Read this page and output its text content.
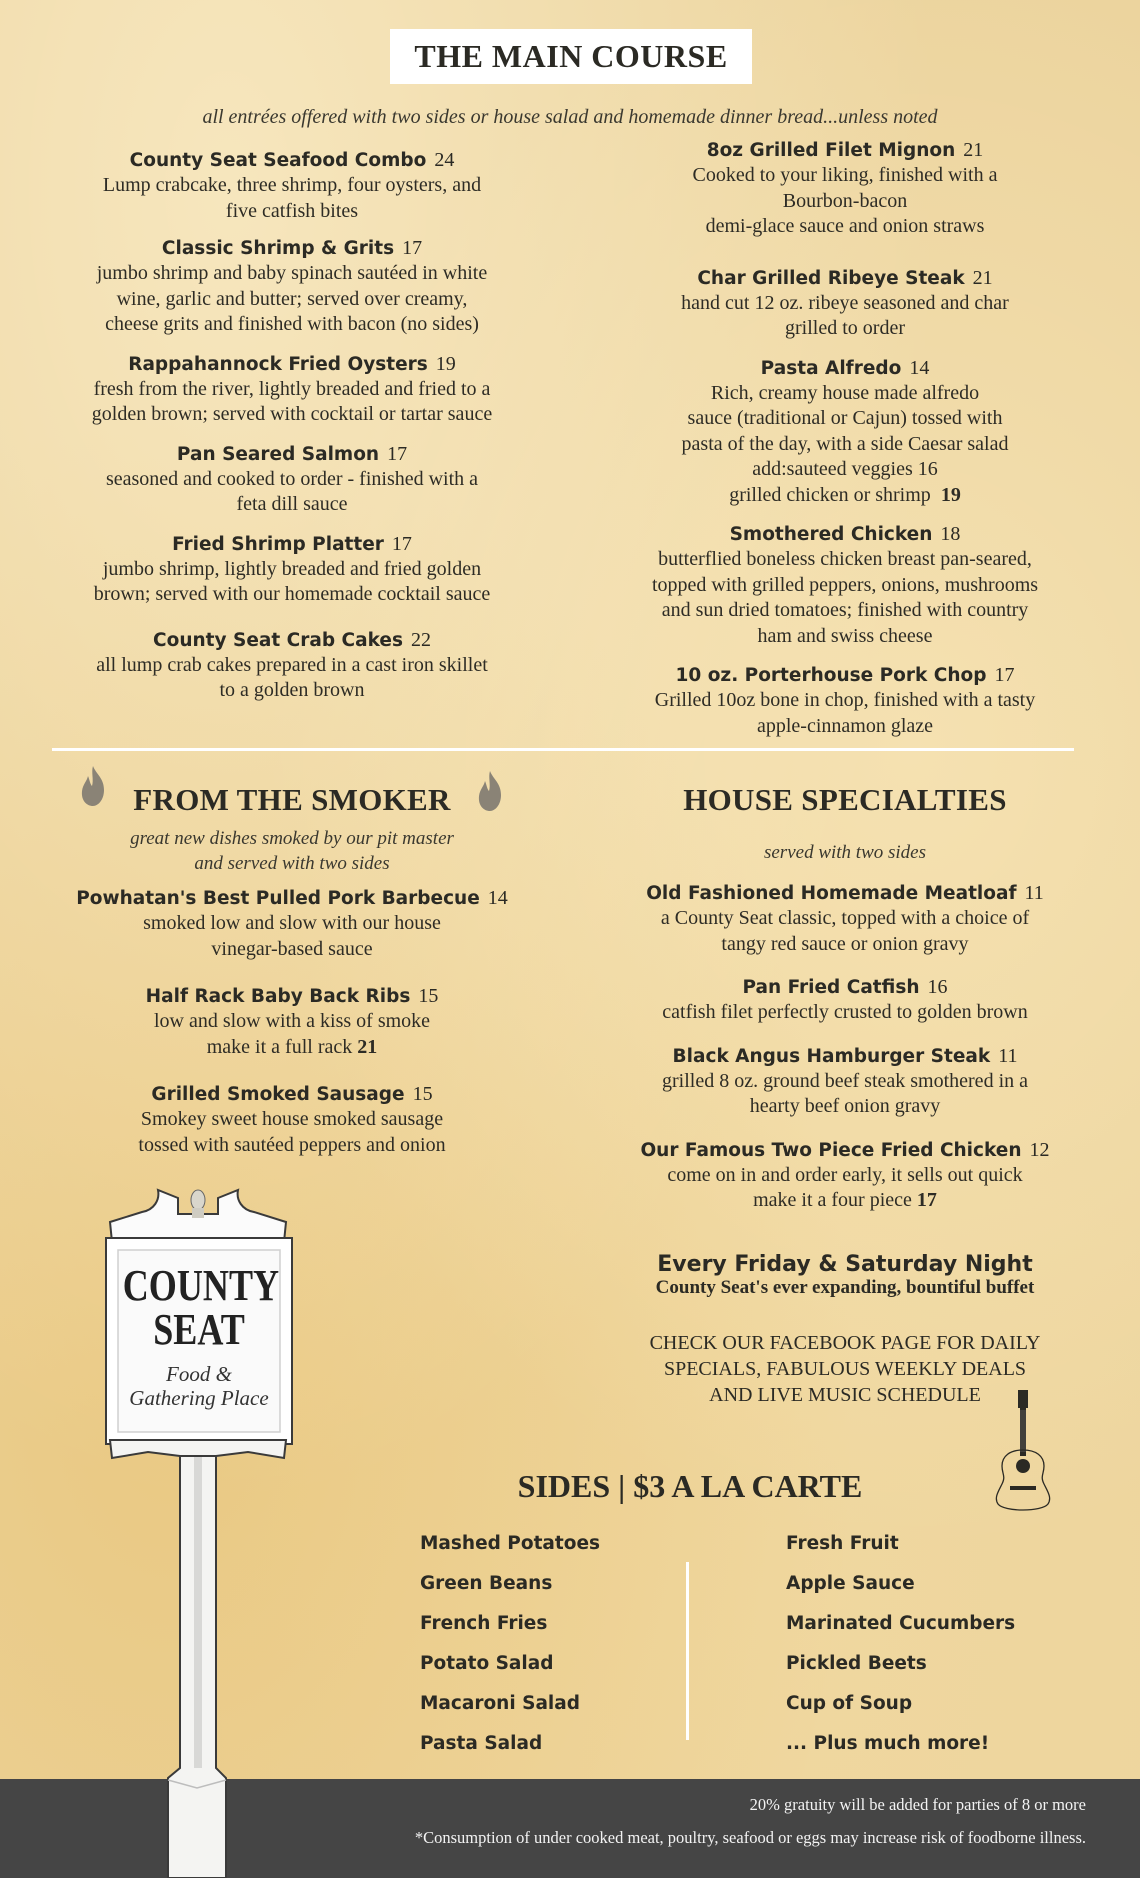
THE MAIN COURSE
all entrées offered with two sides or house salad and homemade dinner bread...unless noted
County Seat Seafood Combo 24
Lump crabcake, three shrimp, four oysters, and
five catfish bites
Classic Shrimp & Grits 17
jumbo shrimp and baby spinach sautéed in white
wine, garlic and butter; served over creamy,
cheese grits and finished with bacon (no sides)
Rappahannock Fried Oysters 19
fresh from the river, lightly breaded and fried to a
golden brown; served with cocktail or tartar sauce
Pan Seared Salmon 17
seasoned and cooked to order - finished with a
feta dill sauce
Fried Shrimp Platter 17
jumbo shrimp, lightly breaded and fried golden
brown; served with our homemade cocktail sauce
County Seat Crab Cakes 22
all lump crab cakes prepared in a cast iron skillet
to a golden brown
8oz Grilled Filet Mignon 21
Cooked to your liking, finished with a
Bourbon-bacon
demi-glace sauce and onion straws
Char Grilled Ribeye Steak 21
hand cut 12 oz. ribeye seasoned and char
grilled to order
Pasta Alfredo 14
Rich, creamy house made alfredo
sauce (traditional or Cajun) tossed with
pasta of the day, with a side Caesar salad
add:sauteed veggies 16
grilled chicken or shrimp 19
Smothered Chicken 18
butterflied boneless chicken breast pan-seared,
topped with grilled peppers, onions, mushrooms
and sun dried tomatoes; finished with country
ham and swiss cheese
10 oz. Porterhouse Pork Chop 17
Grilled 10oz bone in chop, finished with a tasty
apple-cinnamon glaze
FROM THE SMOKER
great new dishes smoked by our pit master
and served with two sides
Powhatan's Best Pulled Pork Barbecue 14
smoked low and slow with our house
vinegar-based sauce
Half Rack Baby Back Ribs 15
low and slow with a kiss of smoke
make it a full rack 21
Grilled Smoked Sausage 15
Smokey sweet house smoked sausage
tossed with sautéed peppers and onion
HOUSE SPECIALTIES
served with two sides
Old Fashioned Homemade Meatloaf 11
a County Seat classic, topped with a choice of
tangy red sauce or onion gravy
Pan Fried Catfish 16
catfish filet perfectly crusted to golden brown
Black Angus Hamburger Steak 11
grilled 8 oz. ground beef steak smothered in a
hearty beef onion gravy
Our Famous Two Piece Fried Chicken 12
come on in and order early, it sells out quick
make it a four piece 17
Every Friday & Saturday Night
County Seat's ever expanding, bountiful buffet
CHECK OUR FACEBOOK PAGE FOR DAILY
SPECIALS, FABULOUS WEEKLY DEALS
AND LIVE MUSIC SCHEDULE
SIDES | $3 A LA CARTE
Mashed Potatoes
Green Beans
French Fries
Potato Salad
Macaroni Salad
Pasta Salad
Fresh Fruit
Apple Sauce
Marinated Cucumbers
Pickled Beets
Cup of Soup
... Plus much more!
20% gratuity will be added for parties of 8 or more
*Consumption of under cooked meat, poultry, seafood or eggs may increase risk of foodborne illness.
COUNTY
SEAT
Food &
Gathering Place
